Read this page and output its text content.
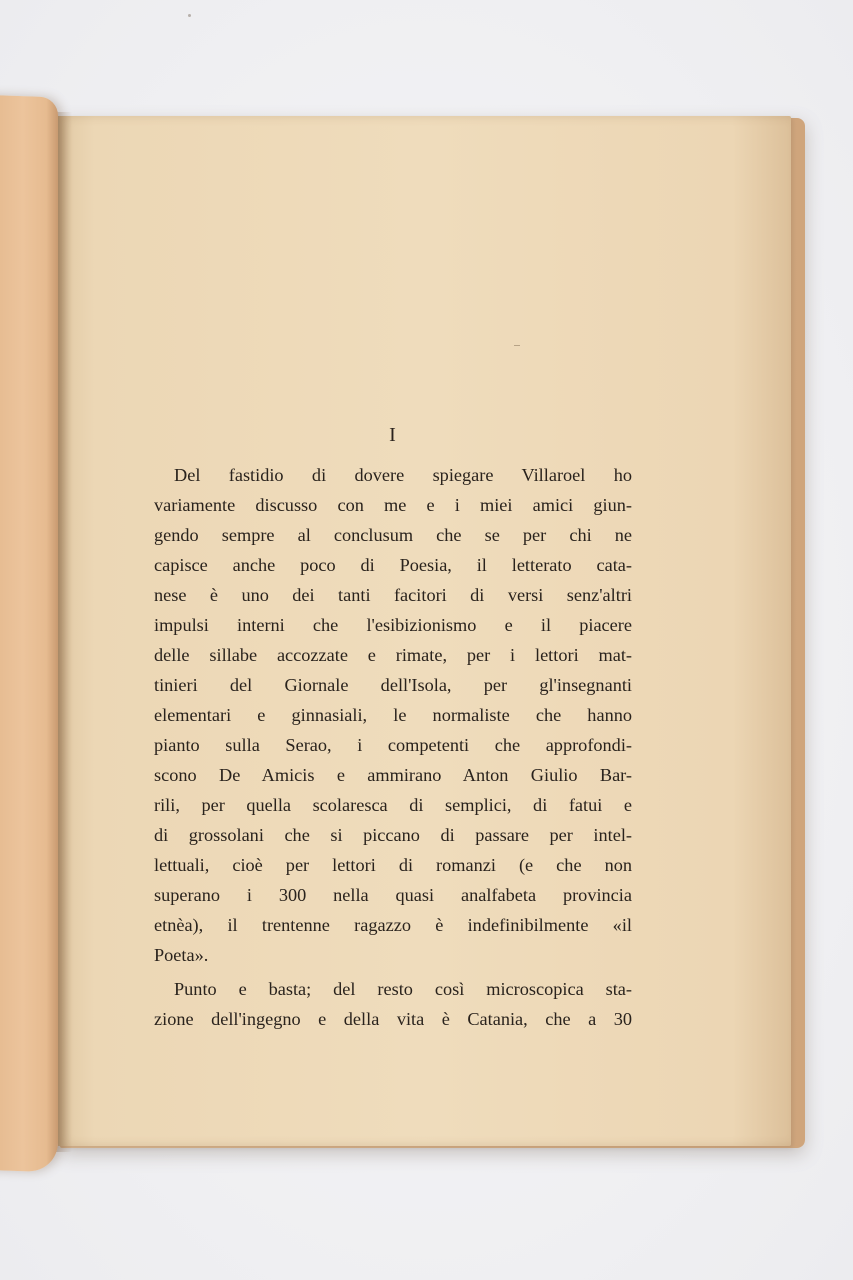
I
Del fastidio di dovere spiegare Villaroel ho
variamente discusso con me e i miei amici giun-
gendo sempre al conclusum che se per chi ne
capisce anche poco di Poesia, il letterato cata-
nese è uno dei tanti facitori di versi senz'altri
impulsi interni che l'esibizionismo e il piacere
delle sillabe accozzate e rimate, per i lettori mat-
tinieri del Giornale dell'Isola, per gl'insegnanti
elementari e ginnasiali, le normaliste che hanno
pianto sulla Serao, i competenti che approfondi-
scono De Amicis e ammirano Anton Giulio Bar-
rili, per quella scolaresca di semplici, di fatui e
di grossolani che si piccano di passare per intel-
lettuali, cioè per lettori di romanzi (e che non
superano i 300 nella quasi analfabeta provincia
etnèa), il trentenne ragazzo è indefinibilmente «il
Poeta».
Punto e basta; del resto così microscopica sta-
zione dell'ingegno e della vita è Catania, che a 30
